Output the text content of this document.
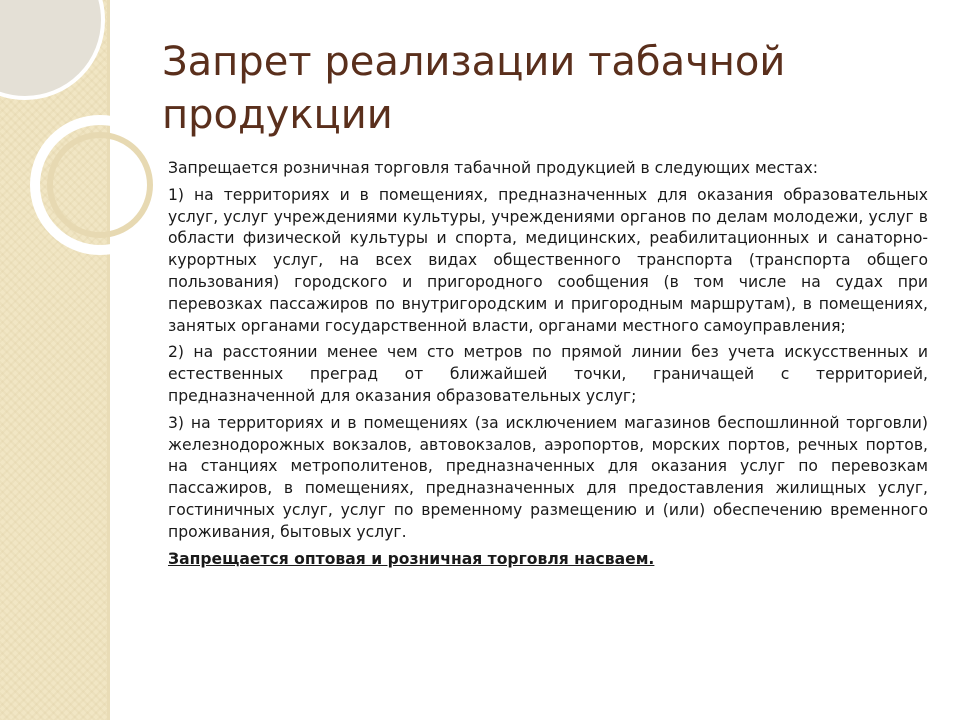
Запрет реализации табачной продукции

Запрещается розничная торговля табачной продукцией в следующих местах:

1) на территориях и в помещениях, предназначенных для оказания образовательных услуг, услуг учреждениями культуры, учреждениями органов по делам молодежи, услуг в области физической культуры и спорта, медицинских, реабилитационных и санаторно-курортных услуг, на всех видах общественного транспорта (транспорта общего пользования) городского и пригородного сообщения (в том числе на судах при перевозках пассажиров по внутригородским и пригородным маршрутам), в помещениях, занятых органами государственной власти, органами местного самоуправления;

2) на расстоянии менее чем сто метров по прямой линии без учета искусственных и естественных преград от ближайшей точки, граничащей с территорией, предназначенной для оказания образовательных услуг;

3) на территориях и в помещениях (за исключением магазинов беспошлинной торговли) железнодорожных вокзалов, автовокзалов, аэропортов, морских портов, речных портов, на станциях метрополитенов, предназначенных для оказания услуг по перевозкам пассажиров, в помещениях, предназначенных для предоставления жилищных услуг, гостиничных услуг, услуг по временному размещению и (или) обеспечению временного проживания, бытовых услуг.

Запрещается оптовая и розничная торговля насваем.
